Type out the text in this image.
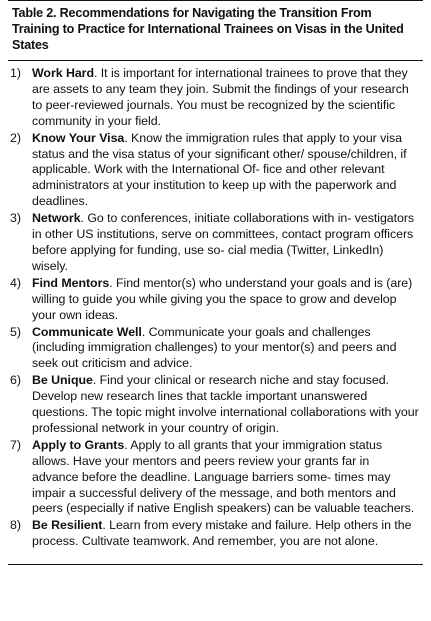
Table 2. Recommendations for Navigating the Transition From Training to Practice for International Trainees on Visas in the United States
1) Work Hard. It is important for international trainees to prove that they are assets to any team they join. Submit the findings of your research to peer-reviewed journals. You must be recognized by the scientific community in your field.
2) Know Your Visa. Know the immigration rules that apply to your visa status and the visa status of your significant other/ spouse/children, if applicable. Work with the International Of- fice and other relevant administrators at your institution to keep up with the paperwork and deadlines.
3) Network. Go to conferences, initiate collaborations with in- vestigators in other US institutions, serve on committees, contact program officers before applying for funding, use so- cial media (Twitter, LinkedIn) wisely.
4) Find Mentors. Find mentor(s) who understand your goals and is (are) willing to guide you while giving you the space to grow and develop your own ideas.
5) Communicate Well. Communicate your goals and challenges (including immigration challenges) to your mentor(s) and peers and seek out criticism and advice.
6) Be Unique. Find your clinical or research niche and stay focused. Develop new research lines that tackle important unanswered questions. The topic might involve international collaborations with your professional network in your country of origin.
7) Apply to Grants. Apply to all grants that your immigration status allows. Have your mentors and peers review your grants far in advance before the deadline. Language barriers some- times may impair a successful delivery of the message, and both mentors and peers (especially if native English speakers) can be valuable teachers.
8) Be Resilient. Learn from every mistake and failure. Help others in the process. Cultivate teamwork. And remember, you are not alone.
